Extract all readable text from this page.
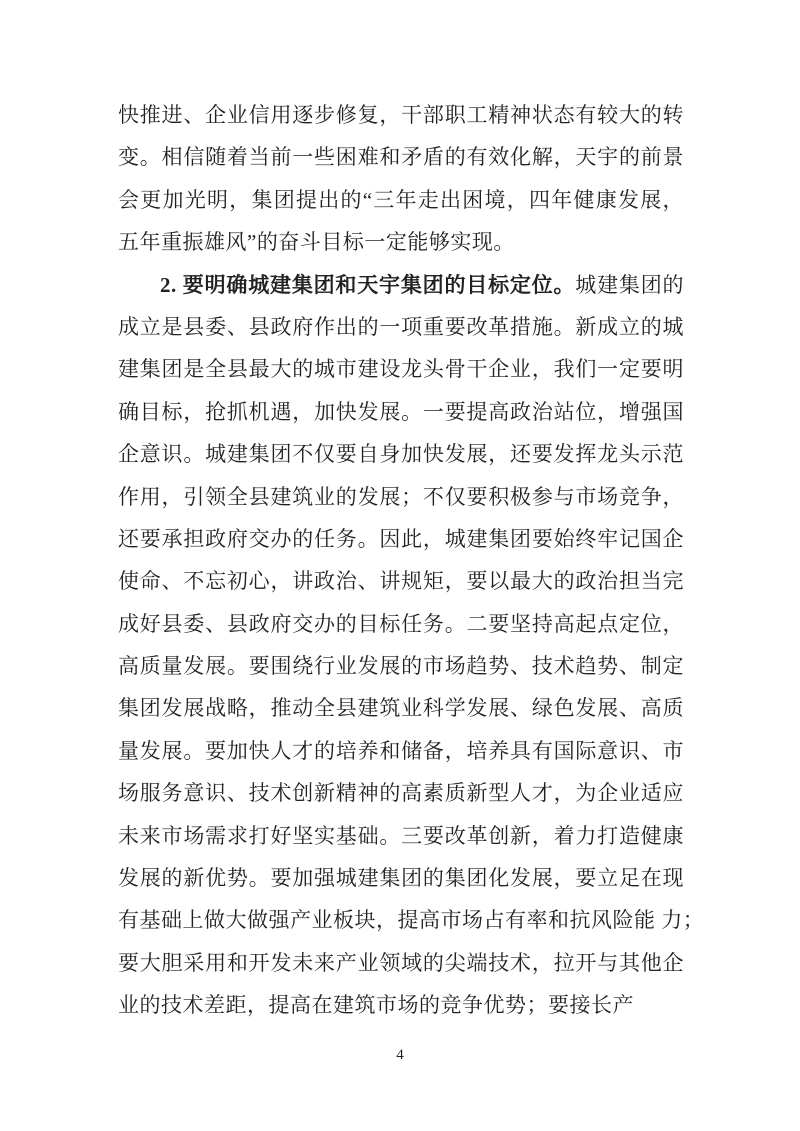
快推进、企业信用逐步修复，干部职工精神状态有较大的转
变。相信随着当前一些困难和矛盾的有效化解，天宇的前景
会更加光明，集团提出的“三年走出困境，四年健康发展，
五年重振雄风”的奋斗目标一定能够实现。
2. 要明确城建集团和天宇集团的目标定位。城建集团的
成立是县委、县政府作出的一项重要改革措施。新成立的城
建集团是全县最大的城市建设龙头骨干企业，我们一定要明
确目标，抢抓机遇，加快发展。一要提高政治站位，增强国
企意识。城建集团不仅要自身加快发展，还要发挥龙头示范
作用，引领全县建筑业的发展；不仅要积极参与市场竞争，
还要承担政府交办的任务。因此，城建集团要始终牢记国企
使命、不忘初心，讲政治、讲规矩，要以最大的政治担当完
成好县委、县政府交办的目标任务。二要坚持高起点定位，
高质量发展。要围绕行业发展的市场趋势、技术趋势、制定
集团发展战略，推动全县建筑业科学发展、绿色发展、高质
量发展。要加快人才的培养和储备，培养具有国际意识、市
场服务意识、技术创新精神的高素质新型人才，为企业适应
未来市场需求打好坚实基础。三要改革创新，着力打造健康
发展的新优势。要加强城建集团的集团化发展，要立足在现
有基础上做大做强产业板块，提高市场占有率和抗风险能 力；
要大胆采用和开发未来产业领域的尖端技术，拉开与其他企
业的技术差距，提高在建筑市场的竞争优势；要接长产
4
